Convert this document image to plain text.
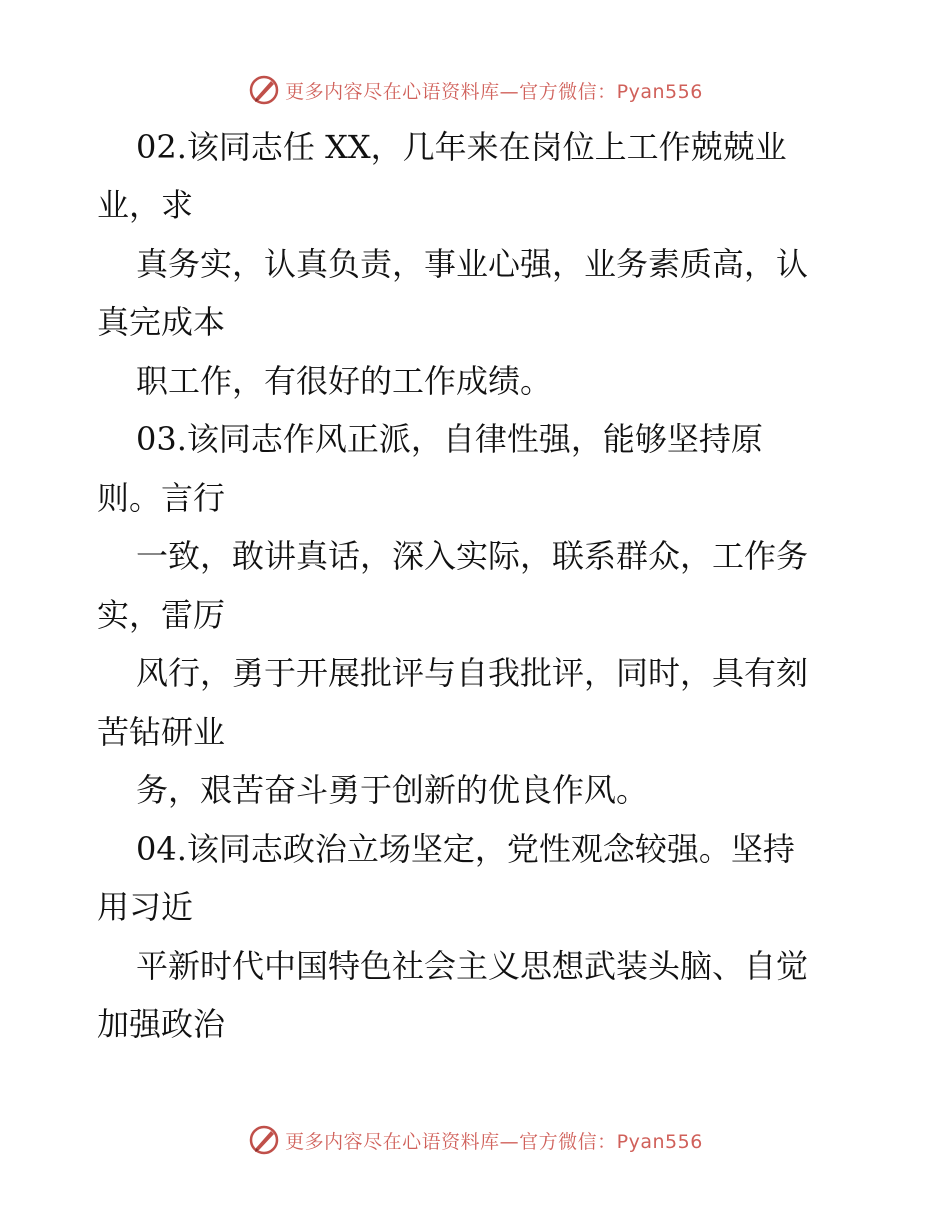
更多内容尽在心语资料库—官方微信：Pyan556
02.该同志任 XX，几年来在岗位上工作兢兢业
业，求
真务实，认真负责，事业心强，业务素质高，认
真完成本
职工作，有很好的工作成绩。
03.该同志作风正派，自律性强，能够坚持原
则。言行
一致，敢讲真话，深入实际，联系群众，工作务
实，雷厉
风行，勇于开展批评与自我批评，同时，具有刻
苦钻研业
务，艰苦奋斗勇于创新的优良作风。
04.该同志政治立场坚定，党性观念较强。坚持
用习近
平新时代中国特色社会主义思想武装头脑、自觉
加强政治
更多内容尽在心语资料库—官方微信：Pyan556
